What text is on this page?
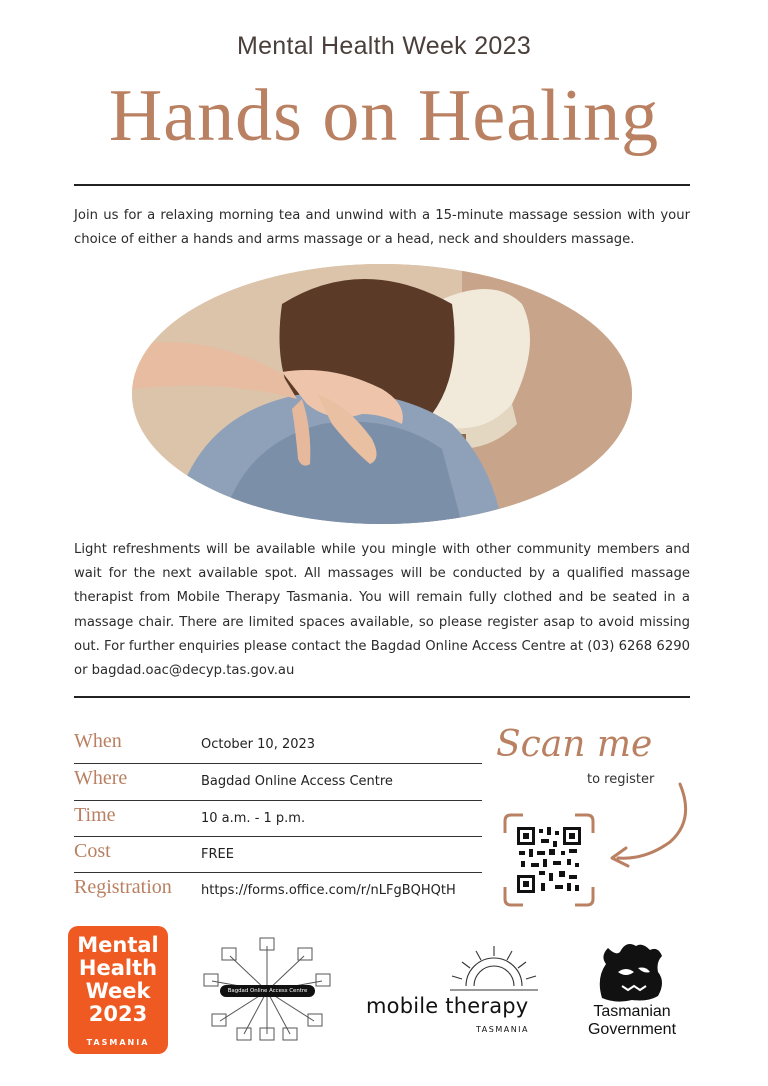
Mental Health Week 2023
Hands on Healing
Join us for a relaxing morning tea and unwind with a 15-minute massage session with your choice of either a hands and arms massage or a head, neck and shoulders massage.
Light refreshments will be available while you mingle with other community members and wait for the next available spot. All massages will be conducted by a qualified massage therapist from Mobile Therapy Tasmania. You will remain fully clothed and be seated in a massage chair. There are limited spaces available, so please register asap to avoid missing out. For further enquiries please contact the Bagdad Online Access Centre at (03) 6268 6290 or bagdad.oac@decyp.tas.gov.au
When	October 10, 2023
Where	Bagdad Online Access Centre
Time	10 a.m. - 1 p.m.
Cost	FREE
Registration https://forms.office.com/r/nLFgBQHQtH
Scan me
to register
Mental
Health
Week
2023
TASMANIA
Bagdad Online Access Centre
mobile therapy
TASMANIA
Tasmanian
Government
